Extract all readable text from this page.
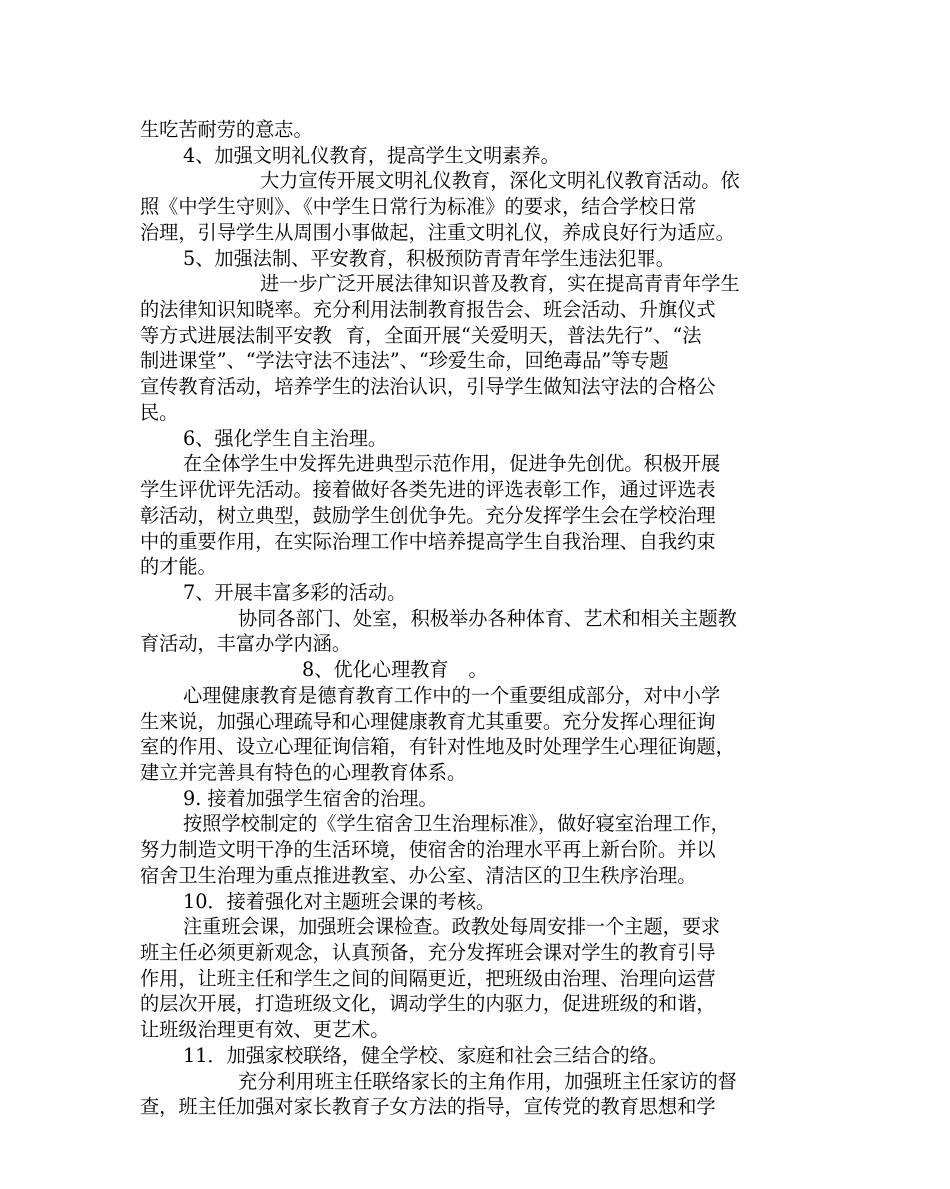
生吃苦耐劳的意志。
4、加强文明礼仪教育，提高学生文明素养。
大力宣传开展文明礼仪教育，深化文明礼仪教育活动。依
照《中学生守则》、《中学生日常行为标准》的要求，结合学校日常
治理，引导学生从周围小事做起，注重文明礼仪，养成良好行为适应。
5、加强法制、平安教育，积极预防青青年学生违法犯罪。
进一步广泛开展法律知识普及教育，实在提高青青年学生
的法律知识知晓率。充分利用法制教育报告会、班会活动、升旗仪式
等方式进展法制平安教 育，全面开展“关爱明天，普法先行”、“法
制进课堂”、“学法守法不违法”、“珍爱生命，回绝毒品”等专题
宣传教育活动，培养学生的法治认识，引导学生做知法守法的合格公
民。
6、强化学生自主治理。
在全体学生中发挥先进典型示范作用，促进争先创优。积极开展
学生评优评先活动。接着做好各类先进的评选表彰工作，通过评选表
彰活动，树立典型，鼓励学生创优争先。充分发挥学生会在学校治理
中的重要作用，在实际治理工作中培养提高学生自我治理、自我约束
的才能。
7、开展丰富多彩的活动。
协同各部门、处室，积极举办各种体育、艺术和相关主题教
育活动，丰富办学内涵。
8、优化心理教育 。
心理健康教育是德育教育工作中的一个重要组成部分，对中小学
生来说，加强心理疏导和心理健康教育尤其重要。充分发挥心理征询
室的作用、设立心理征询信箱，有针对性地及时处理学生心理征询题，
建立并完善具有特色的心理教育体系。
9. 接着加强学生宿舍的治理。
按照学校制定的《学生宿舍卫生治理标准》，做好寝室治理工作，
努力制造文明干净的生活环境，使宿舍的治理水平再上新台阶。并以
宿舍卫生治理为重点推进教室、办公室、清洁区的卫生秩序治理。
10．接着强化对主题班会课的考核。
注重班会课，加强班会课检查。政教处每周安排一个主题，要求
班主任必须更新观念，认真预备，充分发挥班会课对学生的教育引导
作用，让班主任和学生之间的间隔更近，把班级由治理、治理向运营
的层次开展，打造班级文化，调动学生的内驱力，促进班级的和谐，
让班级治理更有效、更艺术。
11．加强家校联络，健全学校、家庭和社会三结合的络。
充分利用班主任联络家长的主角作用，加强班主任家访的督
查，班主任加强对家长教育子女方法的指导，宣传党的教育思想和学
